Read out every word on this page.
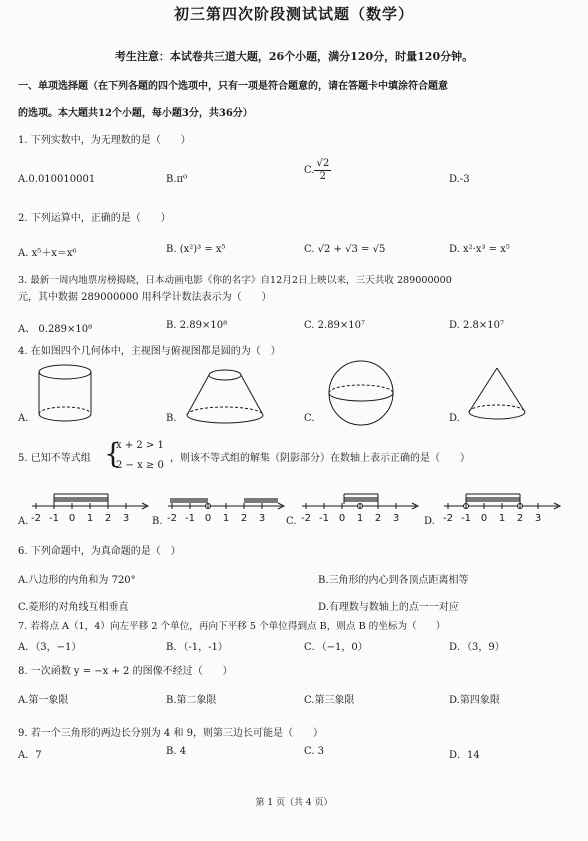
初三第四次阶段测试试题（数学）
考生注意：本试卷共三道大题，26个小题，满分120分，时量120分钟。
一、单项选择题（在下列各题的四个选项中，只有一项是符合题意的，请在答题卡中填涂符合题意
的选项。本大题共12个小题，每小题3分，共36分）
1. 下列实数中，为无理数的是（　　）
A.0.010010001	B.π⁰
C. $\frac{√2}{2}$	D.-3
2. 下列运算中，正确的是（　　）
A. x⁵＋x＝x⁶	B. (x²)³ = x⁵	C. √2 + √3 = √5	D. x²·x³ = x⁵
3. 最新一周内地票房榜揭晓，日本动画电影《你的名字》自12月2日上映以来，三天共收 289000000
元，其中数据 289000000 用科学计数法表示为（　　）
A、 0.289×10⁸	B. 2.89×10⁸	C. 2.89×10⁷	D. 2.8×10⁷
4. 在如图四个几何体中，主视图与俯视图都是圆的为（　）
A.	B.	C.	D.
5. 已知不等式组 {
x + 2 > 1
2 − x ≥ 0
，则该不等式组的解集（阴影部分）在数轴上表示正确的是（　　）
A.	B.	C.	D.
-2 -1 0 1 2 3	-2 -1 0 1 2 3	-2 -1 0 1 2 3	-2 -1 0 1 2 3
6. 下列命题中，为真命题的是（　）
A.八边形的内角和为 720°	B.三角形的内心到各顶点距离相等
C.菱形的对角线互相垂直	D.有理数与数轴上的点一一对应
7. 若将点 A（1，4）向左平移 2 个单位，再向下平移 5 个单位得到点 B，则点 B 的坐标为（　　）
A．（3，−1）	B．（-1，-1）	C．（−1，0）	D．（3，9）
8. 一次函数 y = −x + 2 的图像不经过（　　）
A.第一象限	B.第二象限	C.第三象限	D.第四象限
9. 若一个三角形的两边长分别为 4 和 9，则第三边长可能是（　　）
A．7	B. 4	C. 3	D．14
第 1 页（共 4 页）
